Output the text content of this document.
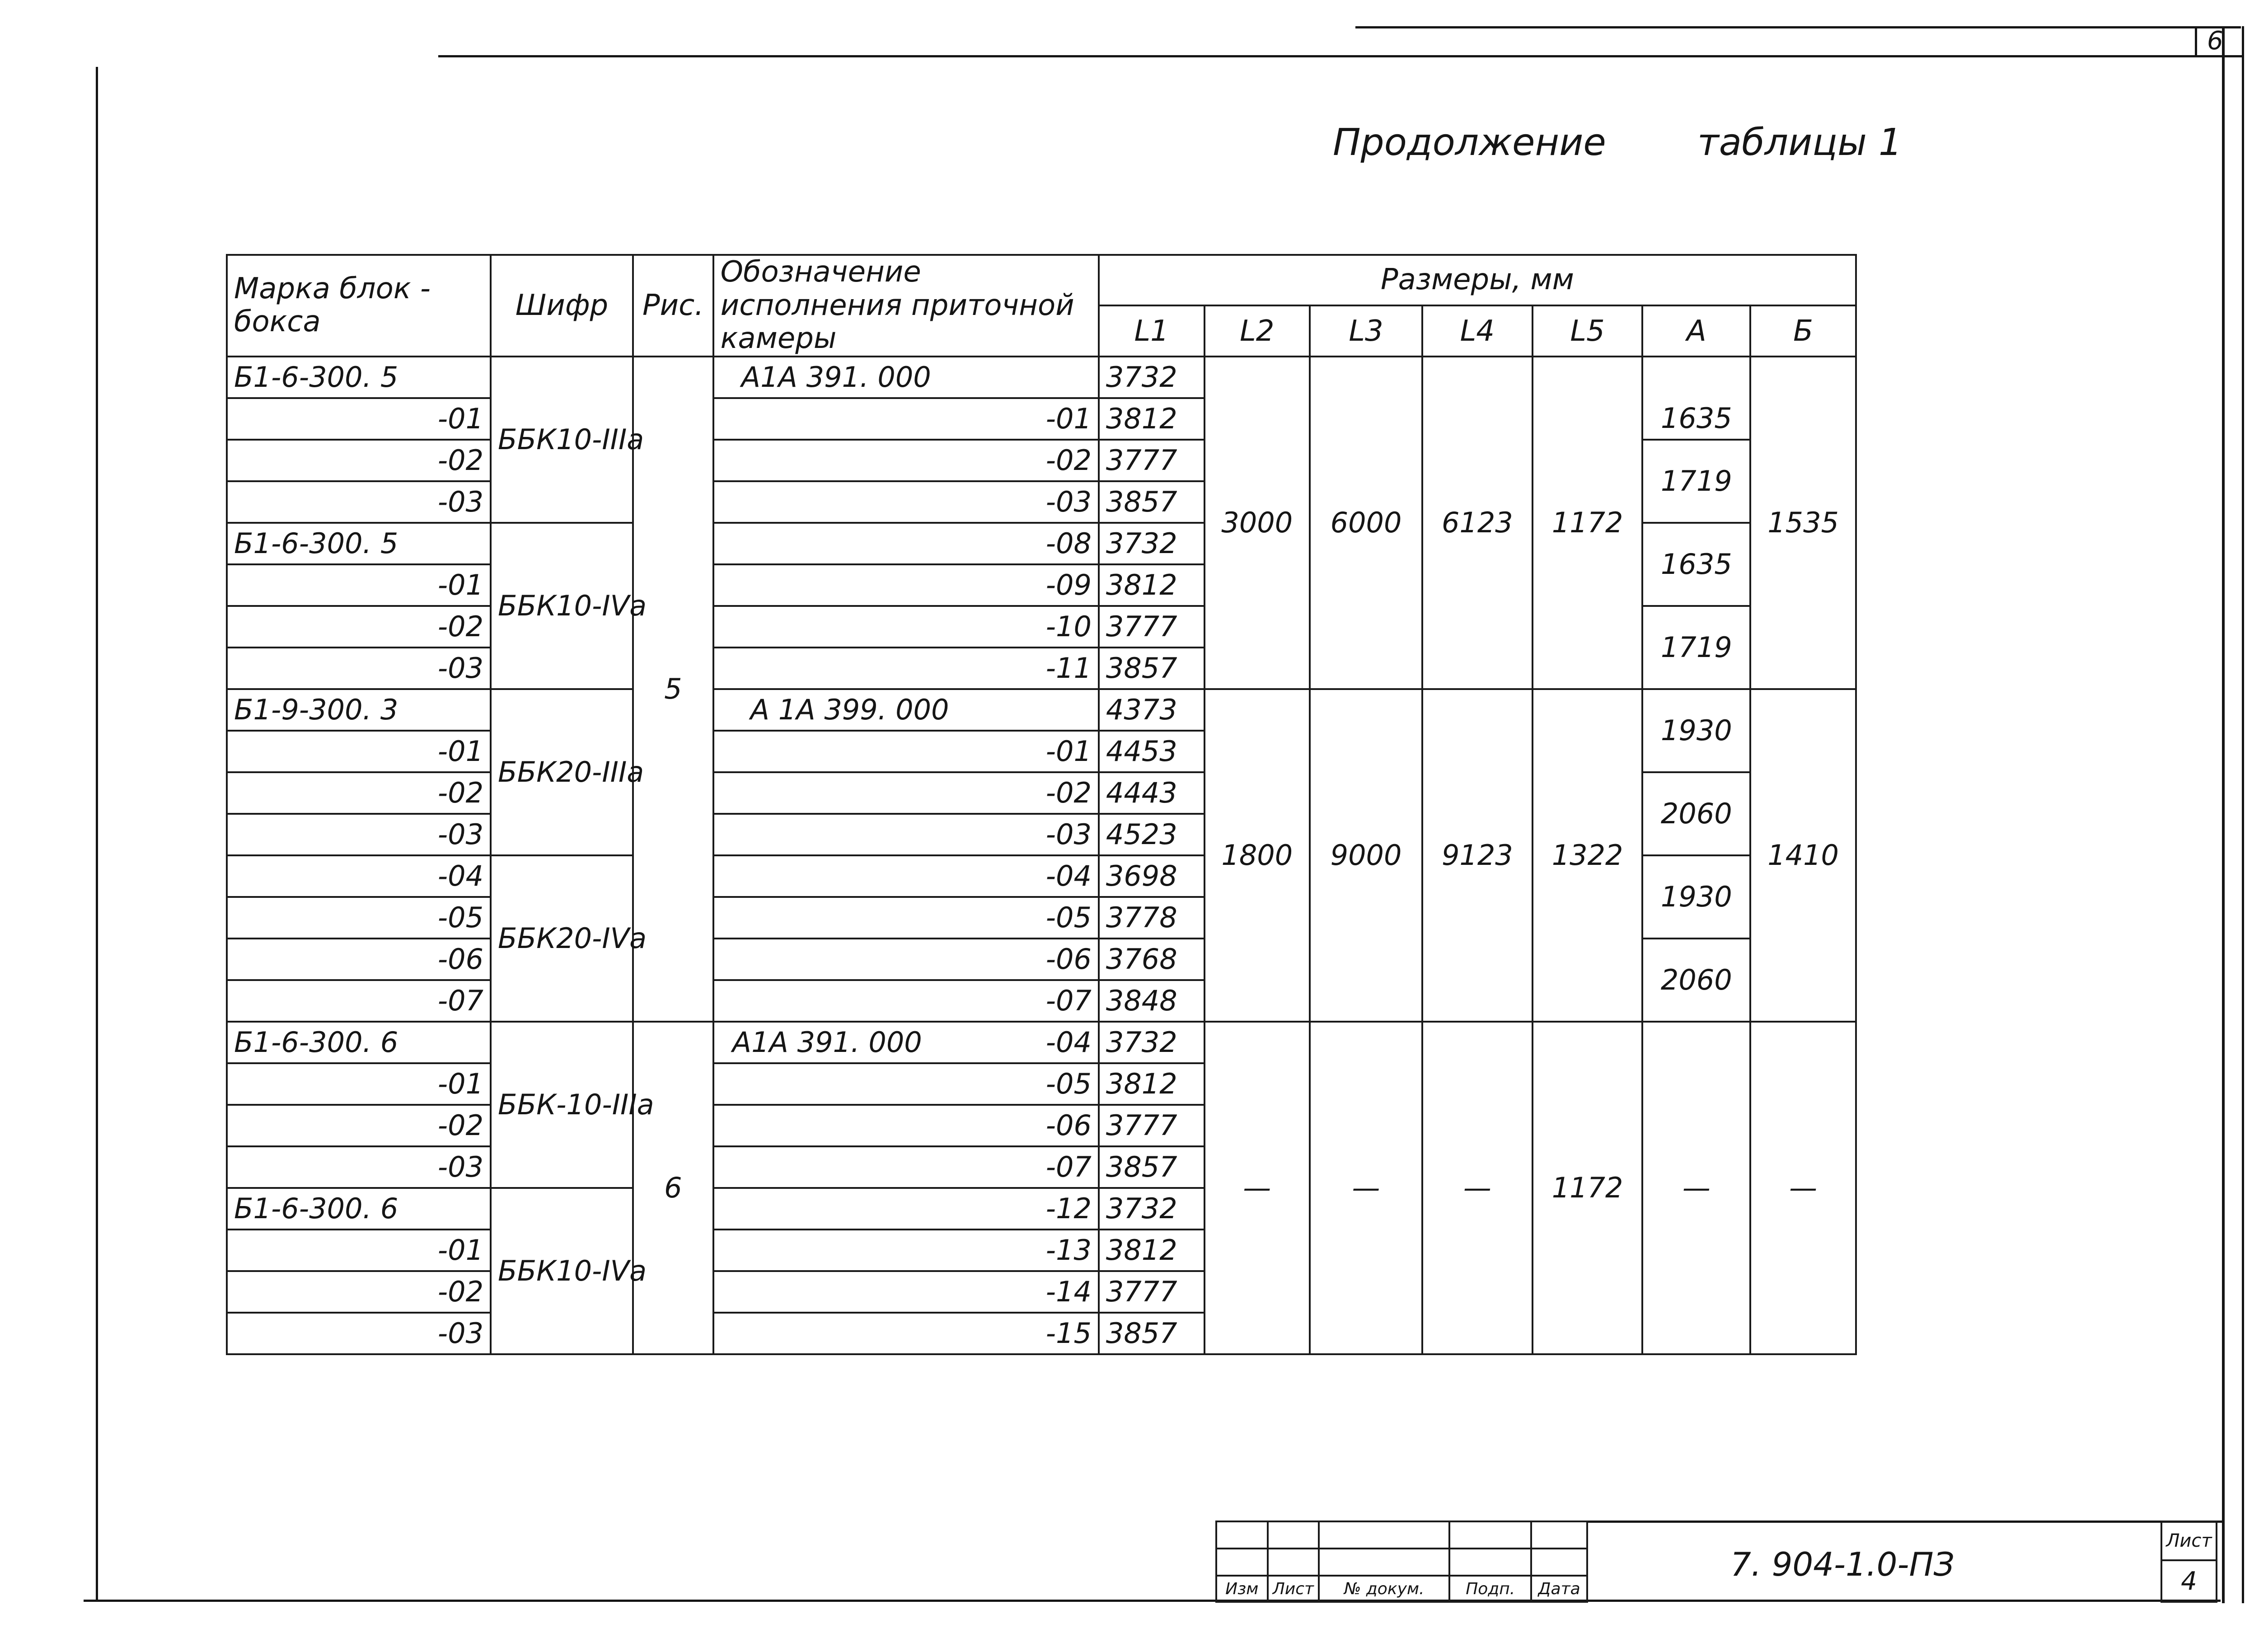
6
Продолжение таблицы 1
Марка блок - бокса	Шифр	Рис.	Обозначение исполнения приточной камеры	Размеры, мм						
				L1	L2	L3	L4	L5	А	Б
Б1-6-300. 5	ББК10-IIIа	5	А1А 391. 000	3732	3000	6000	6123	1172		1535
-01			-01	3812					1635	
-02			-02	3777					1719	
-03			-03	3857						
Б1-6-300. 5	ББК10-IVа		-08	3732					1635	
-01			-09	3812						
-02			-10	3777					1719	
-03			-11	3857						
Б1-9-300. 3	ББК20-IIIа		А 1А 399. 000	4373	1800	9000	9123	1322	1930	1410
-01			-01	4453						
-02			-02	4443					2060	
-03			-03	4523						
-04	ББК20-IVа		-04	3698					1930	
-05			-05	3778						
-06			-06	3768					2060	
-07			-07	3848						
Б1-6-300. 6	ББК-10-IIIа	6	А1А 391. 000 -04	3732	—	—	—	1172	—	—
-01			-05	3812						
-02			-06	3777						
-03			-07	3857						
Б1-6-300. 6	ББК10-IVа		-12	3732						
-01			-13	3812						
-02			-14	3777						
-03			-15	3857						

Изм	Лист	№ докум.	Подп.	Дата
7. 904-1.0-ПЗ
Лист
4
